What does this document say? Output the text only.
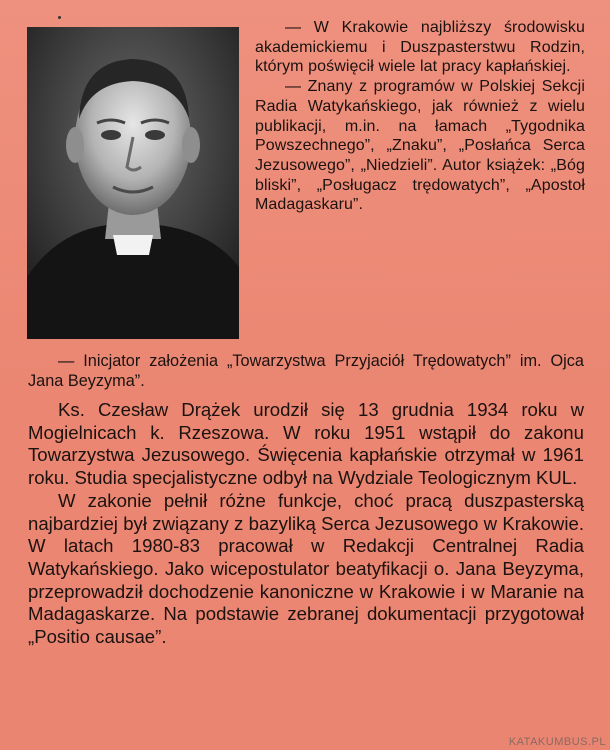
— W Krakowie najbliższy środowisku akademickiemu i Duszpasterstwu Rodzin, którym poświęcił wiele lat pracy kapłańskiej.

— Znany z programów w Polskiej Sekcji Radia Watykańskiego, jak również z wielu publikacji, m.in. na łamach „Tygodnika Powszechnego”, „Znaku”, „Posłańca Serca Jezusowego”, „Niedzieli”. Autor książek: „Bóg bliski”, „Posługacz trędowatych”, „Apostoł Madagaskaru”.

— Inicjator założenia „Towarzystwa Przyjaciół Trędowatych” im. Ojca Jana Beyzyma”.

Ks. Czesław Drążek urodził się 13 grudnia 1934 roku w Mogielnicach k. Rzeszowa. W roku 1951 wstąpił do zakonu Towarzystwa Jezusowego. Święcenia kapłańskie otrzymał w 1961 roku. Studia specjalistyczne odbył na Wydziale Teologicznym KUL.

W zakonie pełnił różne funkcje, choć pracą duszpasterską najbardziej był związany z bazyliką Serca Jezusowego w Krakowie. W latach 1980-83 pracował w Redakcji Centralnej Radia Watykańskiego. Jako wicepostulator beatyfikacji o. Jana Beyzyma, przeprowadził dochodzenie kanoniczne w Krakowie i w Maranie na Madagaskarze. Na podstawie zebranej dokumentacji przygotował „Positio causae”.

KATAKUMBUS.PL
